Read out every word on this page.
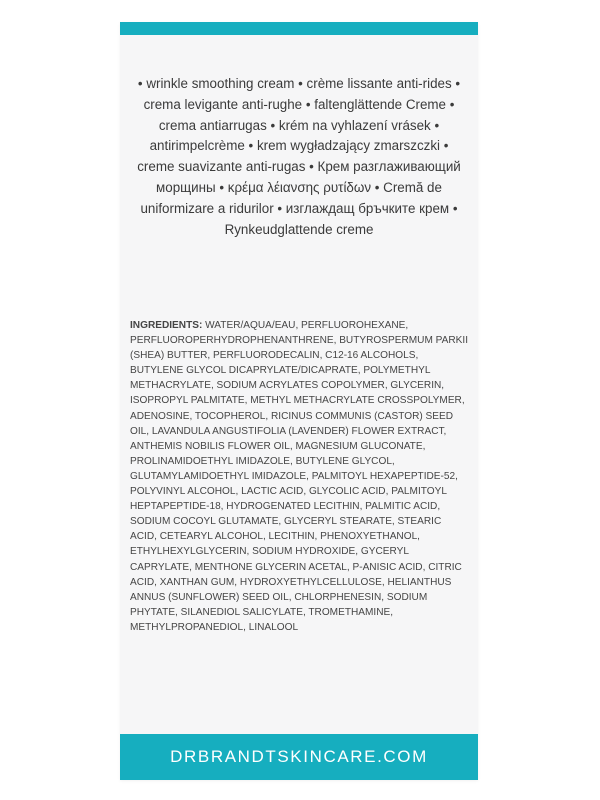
• wrinkle smoothing cream • crème lissante anti-rides • crema levigante anti-rughe • faltenglättende Creme • crema antiarrugas • krém na vyhlazení vrásek • antirimpelcrème • krem wygładzający zmarszczki • creme suavizante anti-rugas • Крем разглаживающий морщины • κρέμα λέιανσης ρυτίδων • Cremă de uniformizare a ridurilor • изглаждащ бръчките крем • Rynkeudglattende creme

INGREDIENTS: WATER/AQUA/EAU, PERFLUOROHEXANE, PERFLUOROPERHYDROPHENANTHRENE, BUTYROSPERMUM PARKII (SHEA) BUTTER, PERFLUORODECALIN, C12-16 ALCOHOLS, BUTYLENE GLYCOL DICAPRYLATE/DICAPRATE, POLYMETHYL METHACRYLATE, SODIUM ACRYLATES COPOLYMER, GLYCERIN, ISOPROPYL PALMITATE, METHYL METHACRYLATE CROSSPOLYMER, ADENOSINE, TOCOPHEROL, RICINUS COMMUNIS (CASTOR) SEED OIL, LAVANDULA ANGUSTIFOLIA (LAVENDER) FLOWER EXTRACT, ANTHEMIS NOBILIS FLOWER OIL, MAGNESIUM GLUCONATE, PROLINAMIDOETHYL IMIDAZOLE, BUTYLENE GLYCOL, GLUTAMYLAMIDOETHYL IMIDAZOLE, PALMITOYL HEXAPEPTIDE-52, POLYVINYL ALCOHOL, LACTIC ACID, GLYCOLIC ACID, PALMITOYL HEPTAPEPTIDE-18, HYDROGENATED LECITHIN, PALMITIC ACID, SODIUM COCOYL GLUTAMATE, GLYCERYL STEARATE, STEARIC ACID, CETEARYL ALCOHOL, LECITHIN, PHENOXYETHANOL, ETHYLHEXYLGLYCERIN, SODIUM HYDROXIDE, GYCERYL CAPRYLATE, MENTHONE GLYCERIN ACETAL, P-ANISIC ACID, CITRIC ACID, XANTHAN GUM, HYDROXYETHYLCELLULOSE, HELIANTHUS ANNUS (SUNFLOWER) SEED OIL, CHLORPHENESIN, SODIUM PHYTATE, SILANEDIOL SALICYLATE, TROMETHAMINE, METHYLPROPANEDIOL, LINALOOL

DRBRANDTSKINCARE.COM
